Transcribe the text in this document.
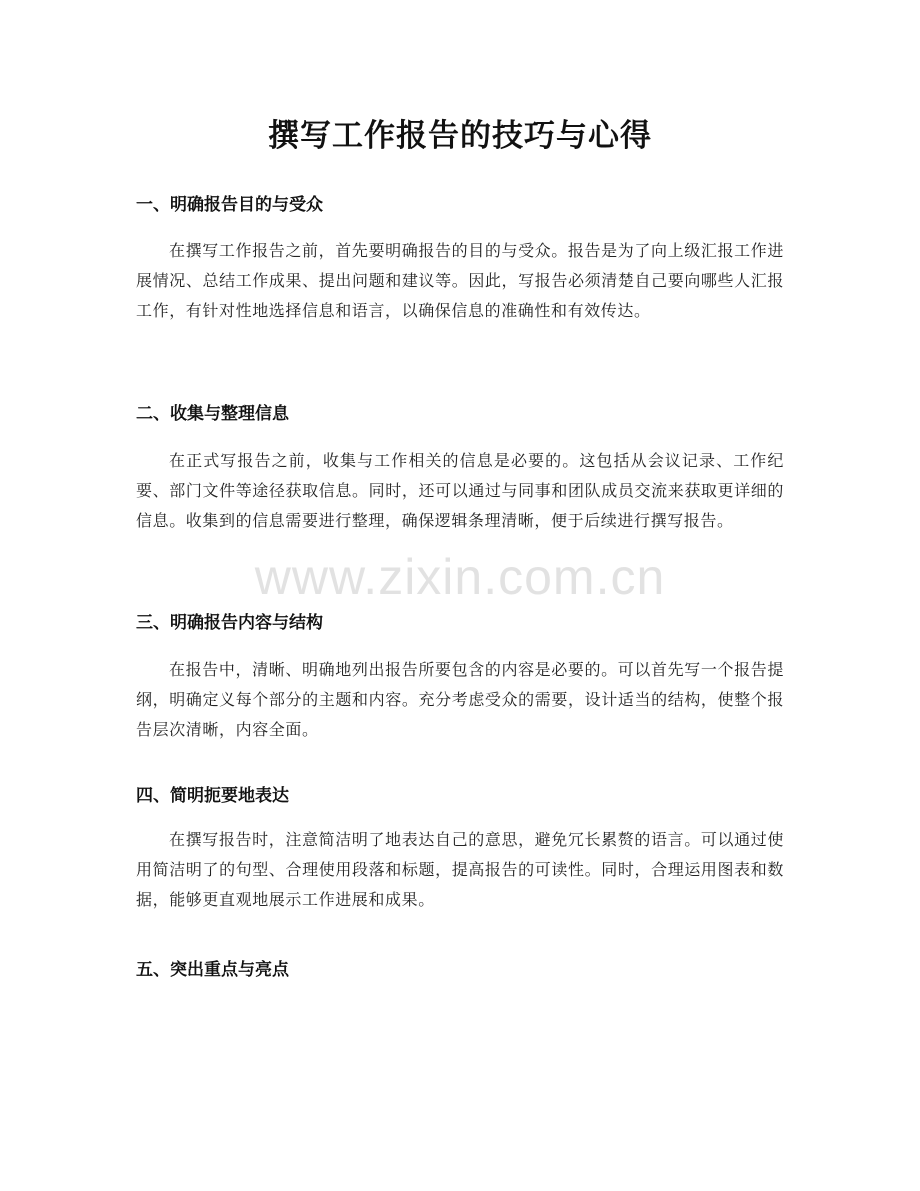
撰写工作报告的技巧与心得
一、明确报告目的与受众

在撰写工作报告之前，首先要明确报告的目的与受众。报告是为了向上级汇报工作进展情况、总结工作成果、提出问题和建议等。因此，写报告必须清楚自己要向哪些人汇报工作，有针对性地选择信息和语言，以确保信息的准确性和有效传达。

二、收集与整理信息

在正式写报告之前，收集与工作相关的信息是必要的。这包括从会议记录、工作纪要、部门文件等途径获取信息。同时，还可以通过与同事和团队成员交流来获取更详细的信息。收集到的信息需要进行整理，确保逻辑条理清晰，便于后续进行撰写报告。

三、明确报告内容与结构

在报告中，清晰、明确地列出报告所要包含的内容是必要的。可以首先写一个报告提纲，明确定义每个部分的主题和内容。充分考虑受众的需要，设计适当的结构，使整个报告层次清晰，内容全面。

四、简明扼要地表达

在撰写报告时，注意简洁明了地表达自己的意思，避免冗长累赘的语言。可以通过使用简洁明了的句型、合理使用段落和标题，提高报告的可读性。同时，合理运用图表和数据，能够更直观地展示工作进展和成果。

五、突出重点与亮点
www.zixin.com.cn
